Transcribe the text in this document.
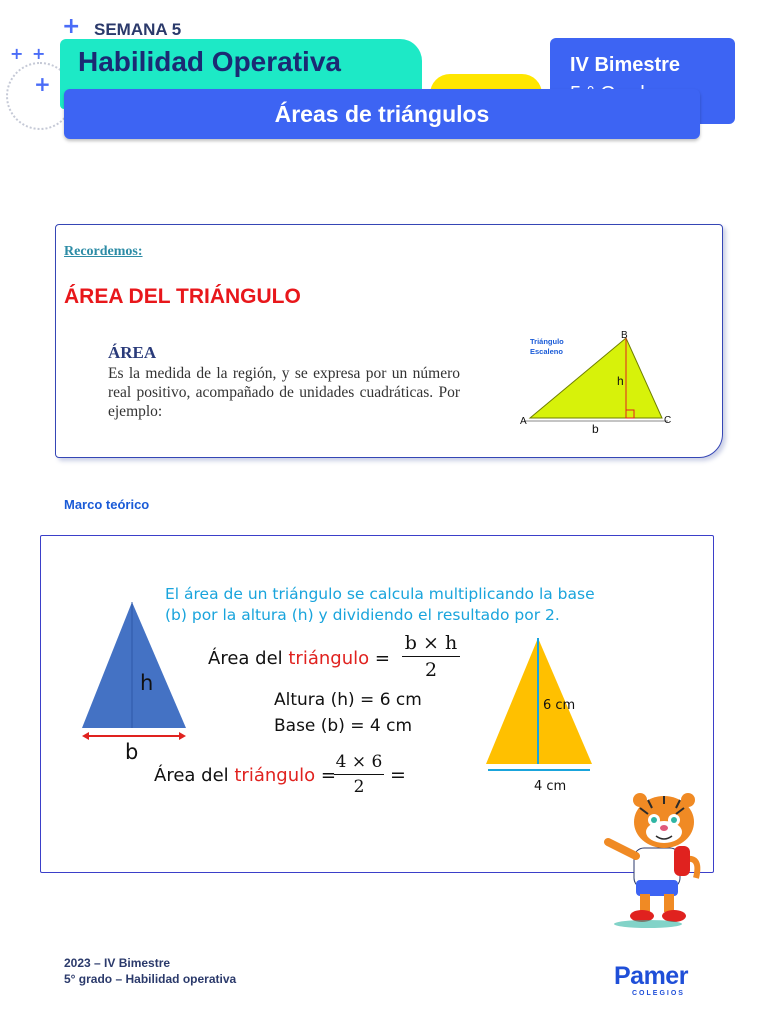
+
+ +
+
SEMANA 5
Habilidad Operativa	IV Bimestre
Áreas de triángulos
Recordemos:
ÁREA DEL TRIÁNGULO
ÁREA
Es la medida de la región, y se expresa por un número real positivo, acompañado de unidades cuadráticas. Por ejemplo:
Triángulo
Escaleno
B
A	C
h
b
Marco teórico
h
b
El área de un triángulo se calcula multiplicando la base (b) por la altura (h) y dividiendo el resultado por 2.
Área del triángulo =
b × h
2
Altura (h) = 6 cm
Base (b) = 4 cm
Área del triángulo =
4 × 6
2
=
6 cm
4 cm
2023 – IV Bimestre
5° grado – Habilidad operativa	Pamer
COLEGIOS
